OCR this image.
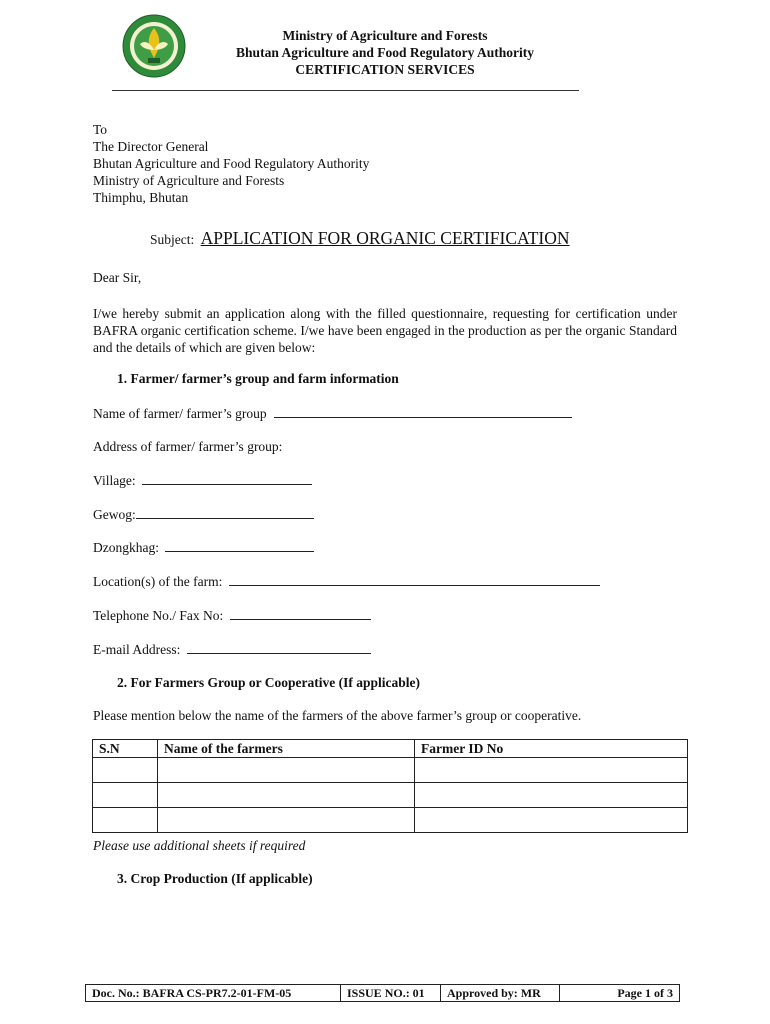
Ministry of Agriculture and Forests
Bhutan Agriculture and Food Regulatory Authority
CERTIFICATION SERVICES
To
The Director General
Bhutan Agriculture and Food Regulatory Authority
Ministry of Agriculture and Forests
Thimphu, Bhutan
Subject: APPLICATION FOR ORGANIC CERTIFICATION
Dear Sir,
I/we hereby submit an application along with the filled questionnaire, requesting for certification under BAFRA organic certification scheme. I/we have been engaged in the production as per the organic Standard and the details of which are given below:
1. Farmer/ farmer’s group and farm information
Name of farmer/ farmer’s group
Address of farmer/ farmer’s group:
Village:
Gewog:
Dzongkhag:
Location(s) of the farm:
Telephone No./ Fax No:
E-mail Address:
2. For Farmers Group or Cooperative (If applicable)
Please mention below the name of the farmers of the above farmer’s group or cooperative.
S.N	Name of the farmers	Farmer ID No

Please use additional sheets if required
3. Crop Production (If applicable)
Doc. No.: BAFRA CS-PR7.2-01-FM-05	ISSUE NO.: 01	Approved by: MR	Page 1 of 3
